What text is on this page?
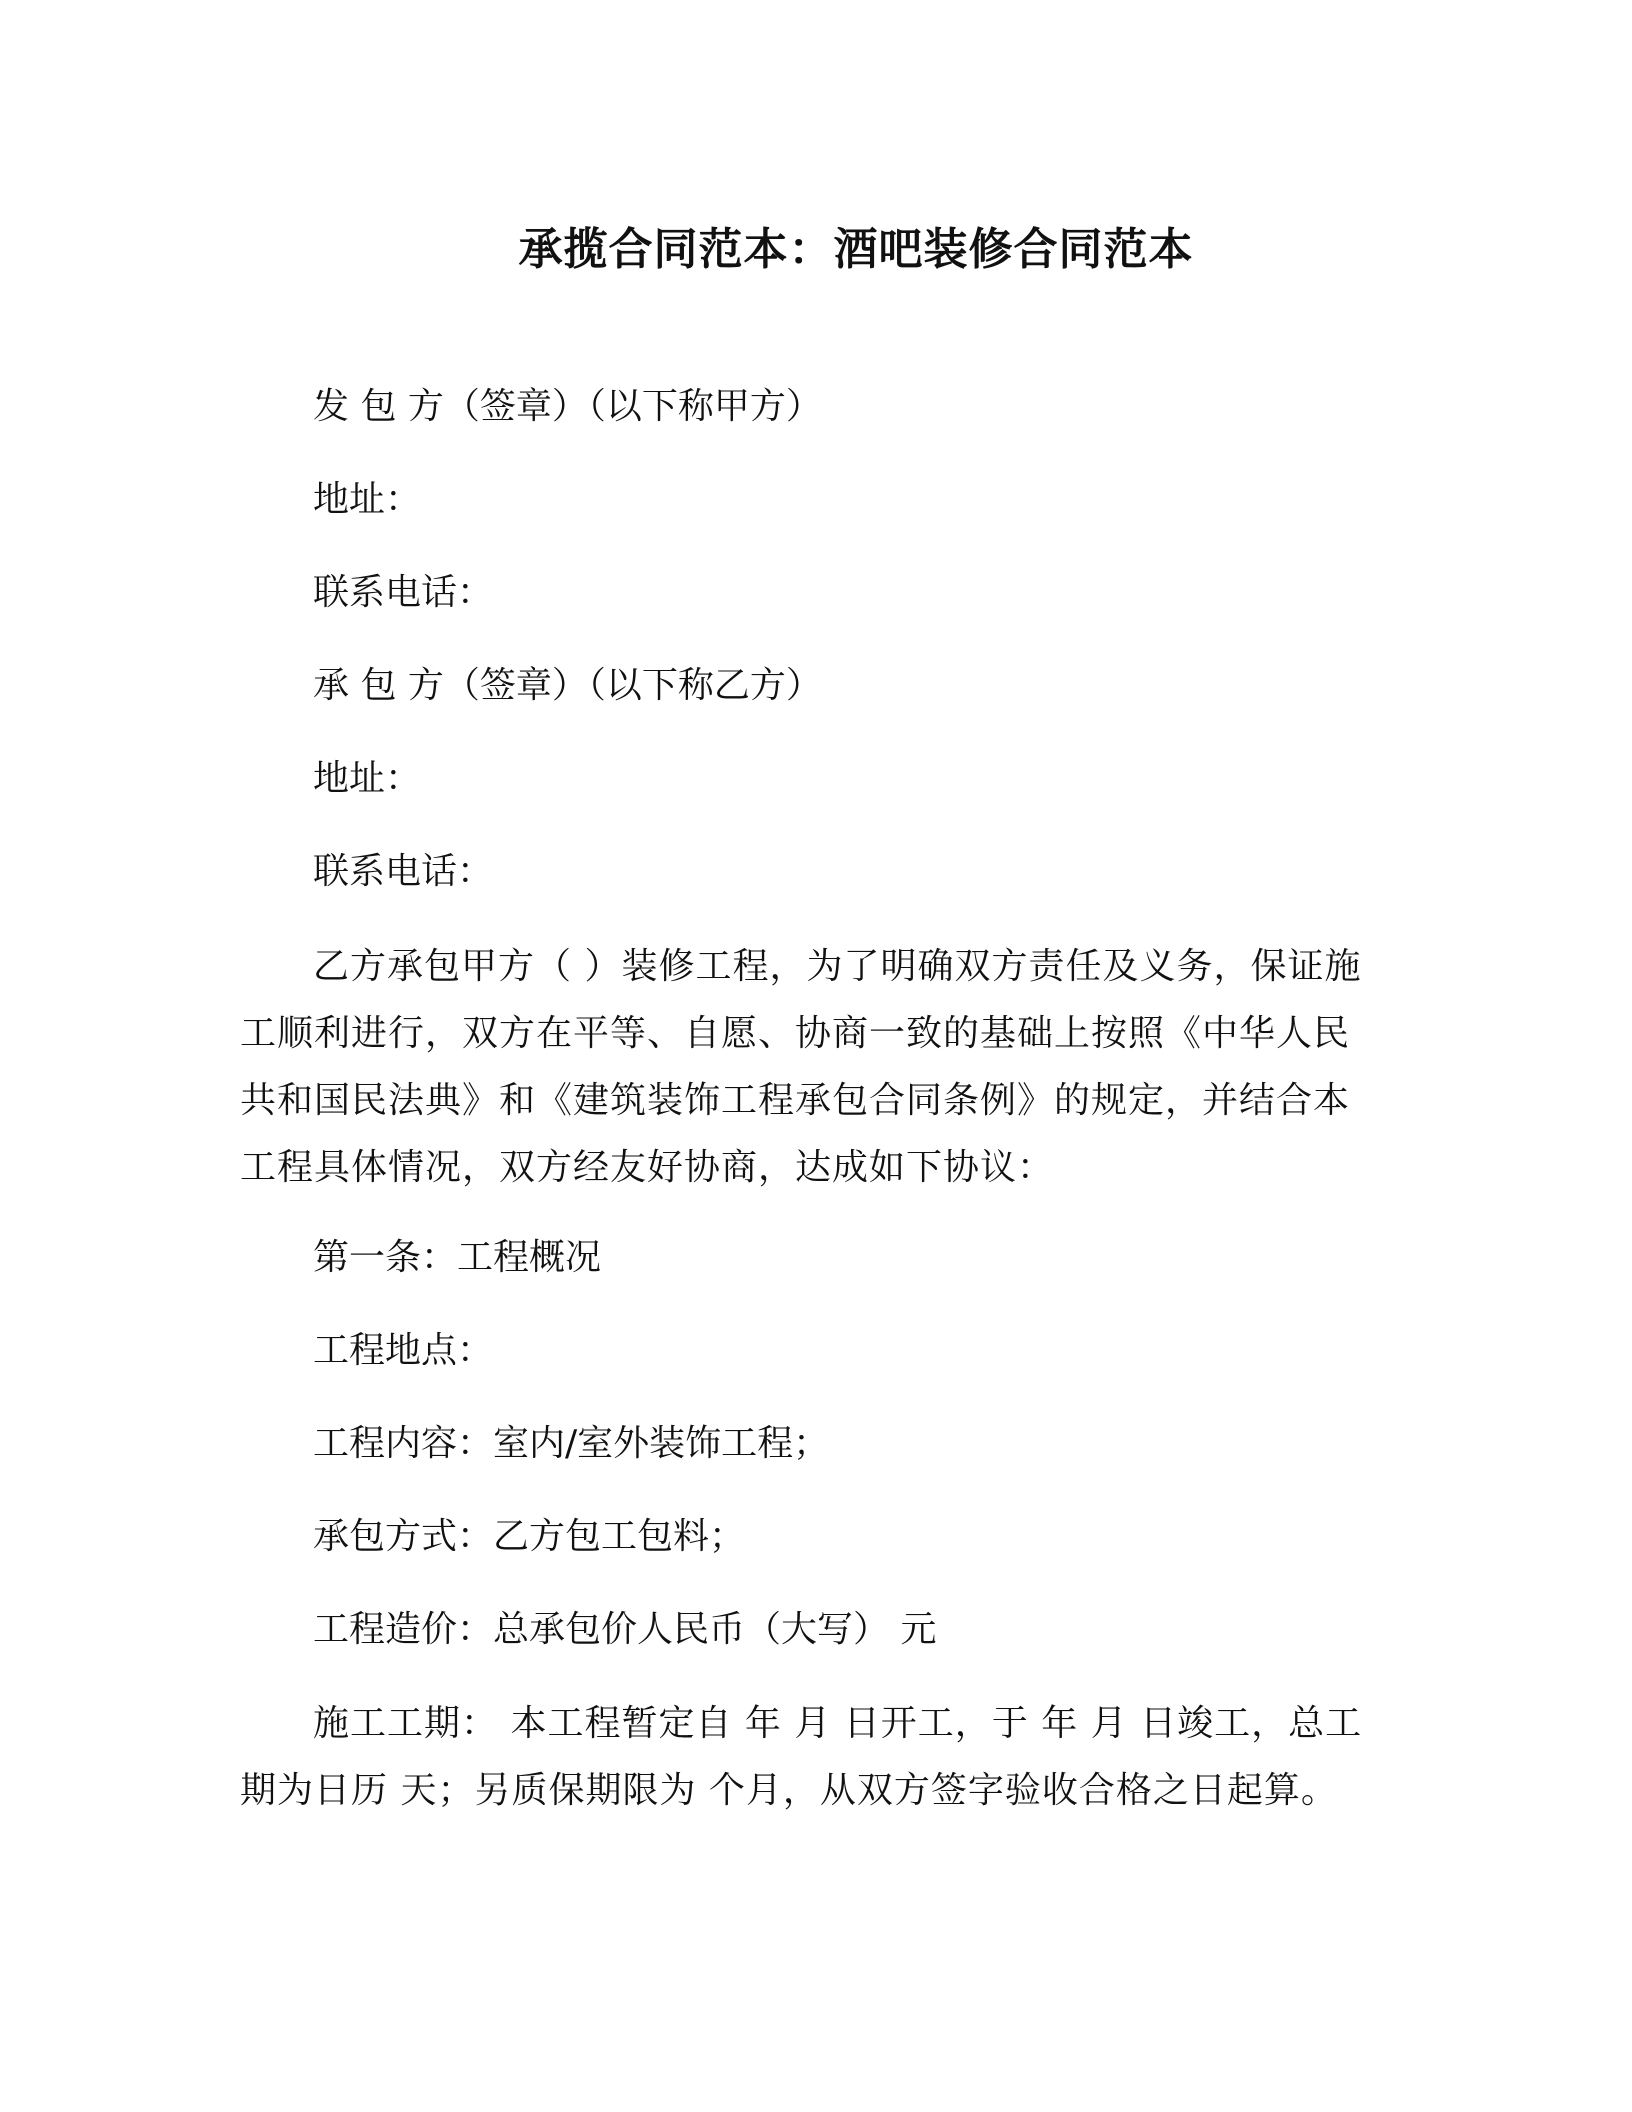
承揽合同范本：酒吧装修合同范本

发 包 方（签章）（以下称甲方）

地址：

联系电话：

承 包 方（签章）（以下称乙方）

地址：

联系电话：

乙方承包甲方（ ）装修工程，为了明确双方责任及义务，保证施工顺利进行，双方在平等、自愿、协商一致的基础上按照《中华人民共和国民法典》和《建筑装饰工程承包合同条例》的规定，并结合本工程具体情况，双方经友好协商，达成如下协议：

第一条：工程概况

工程地点：

工程内容：室内/室外装饰工程；

承包方式：乙方包工包料；

工程造价：总承包价人民币（大写） 元

施工工期： 本工程暂定自 年 月 日开工，于 年 月 日竣工，总工期为日历 天；另质保期限为 个月，从双方签字验收合格之日起算。
